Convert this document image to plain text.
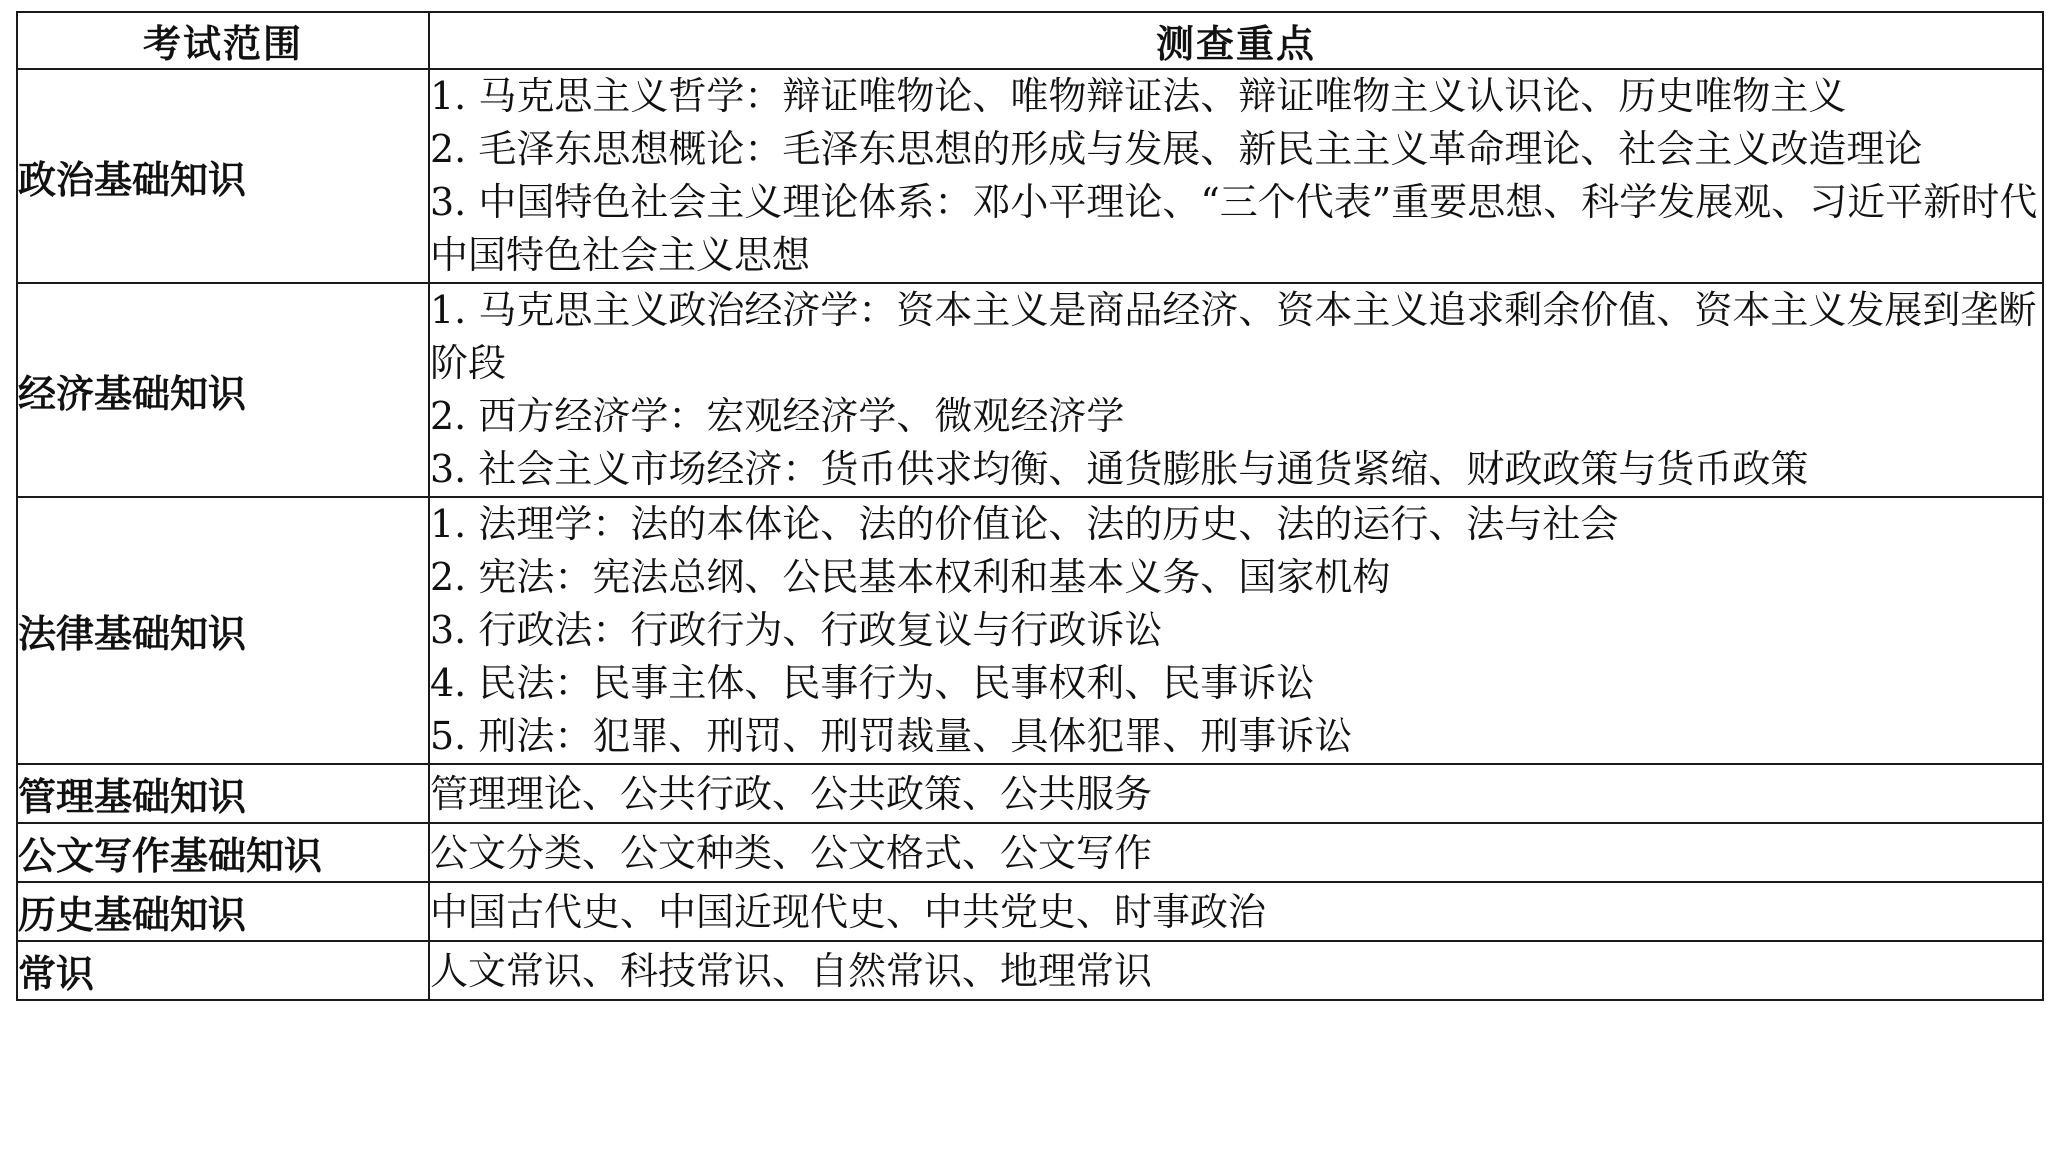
考试范围	测查重点
政治基础知识	1. 马克思主义哲学：辩证唯物论、唯物辩证法、辩证唯物主义认识论、历史唯物主义
2. 毛泽东思想概论：毛泽东思想的形成与发展、新民主主义革命理论、社会主义改造理论
3. 中国特色社会主义理论体系：邓小平理论、“三个代表”重要思想、科学发展观、习近平新时代中国特色社会主义思想

经济基础知识	1. 马克思主义政治经济学：资本主义是商品经济、资本主义追求剩余价值、资本主义发展到垄断阶段
2. 西方经济学：宏观经济学、微观经济学
3. 社会主义市场经济：货币供求均衡、通货膨胀与通货紧缩、财政政策与货币政策

法律基础知识	1. 法理学：法的本体论、法的价值论、法的历史、法的运行、法与社会
2. 宪法：宪法总纲、公民基本权利和基本义务、国家机构
3. 行政法：行政行为、行政复议与行政诉讼
4. 民法：民事主体、民事行为、民事权利、民事诉讼
5. 刑法：犯罪、刑罚、刑罚裁量、具体犯罪、刑事诉讼

管理基础知识	管理理论、公共行政、公共政策、公共服务

公文写作基础知识	公文分类、公文种类、公文格式、公文写作

历史基础知识	中国古代史、中国近现代史、中共党史、时事政治

常识	人文常识、科技常识、自然常识、地理常识
